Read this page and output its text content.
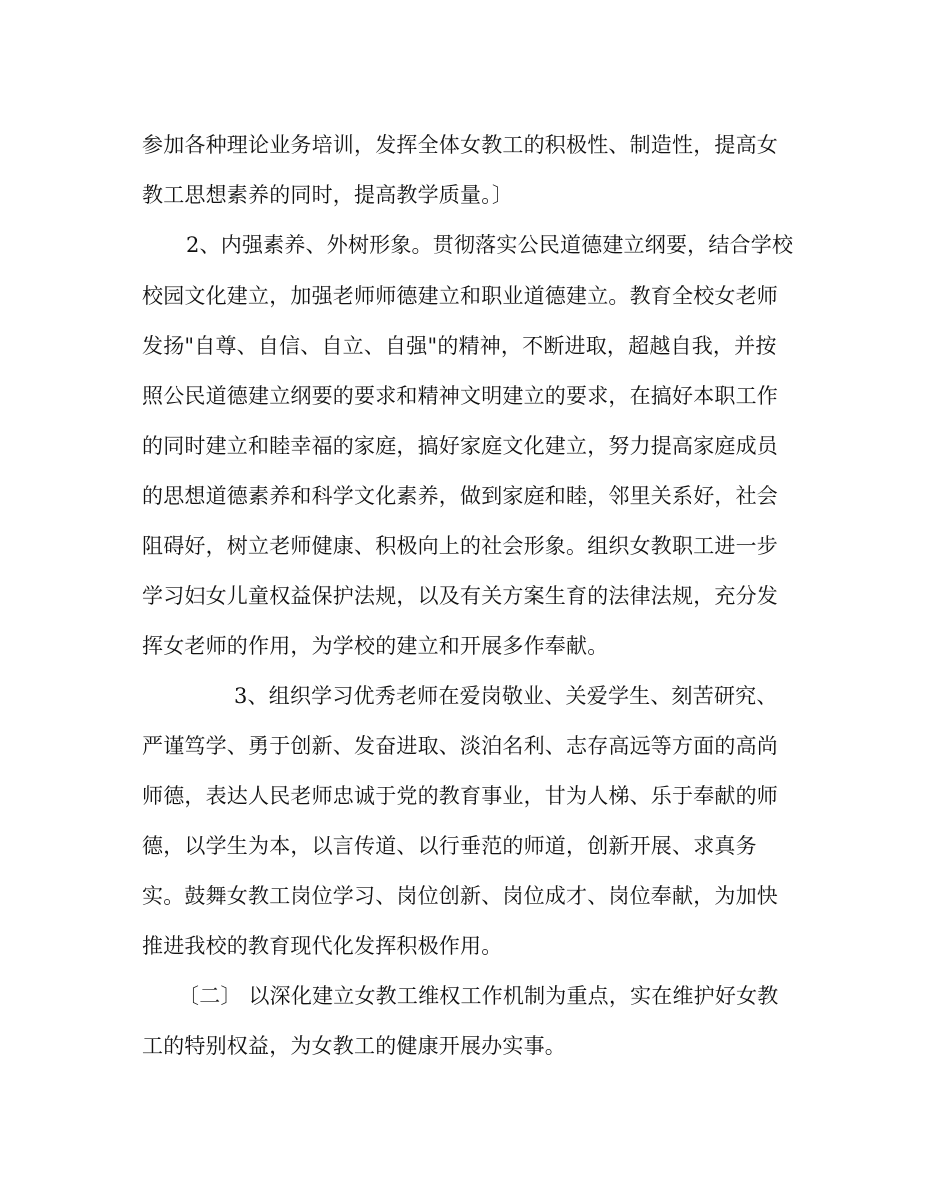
参加各种理论业务培训，发挥全体女教工的积极性、制造性，提高女
教工思想素养的同时，提高教学质量。〕
2、内强素养、外树形象。贯彻落实公民道德建立纲要，结合学校
校园文化建立，加强老师师德建立和职业道德建立。教育全校女老师
发扬"自尊、自信、自立、自强"的精神，不断进取，超越自我，并按
照公民道德建立纲要的要求和精神文明建立的要求，在搞好本职工作
的同时建立和睦幸福的家庭，搞好家庭文化建立，努力提高家庭成员
的思想道德素养和科学文化素养，做到家庭和睦，邻里关系好，社会
阻碍好，树立老师健康、积极向上的社会形象。组织女教职工进一步
学习妇女儿童权益保护法规，以及有关方案生育的法律法规，充分发
挥女老师的作用，为学校的建立和开展多作奉献。
3、组织学习优秀老师在爱岗敬业、关爱学生、刻苦研究、
严谨笃学、勇于创新、发奋进取、淡泊名利、志存高远等方面的高尚
师德，表达人民老师忠诚于党的教育事业，甘为人梯、乐于奉献的师
德，以学生为本，以言传道、以行垂范的师道，创新开展、求真务
实。鼓舞女教工岗位学习、岗位创新、岗位成才、岗位奉献，为加快
推进我校的教育现代化发挥积极作用。
〔二〕 以深化建立女教工维权工作机制为重点，实在维护好女教
工的特别权益，为女教工的健康开展办实事。
